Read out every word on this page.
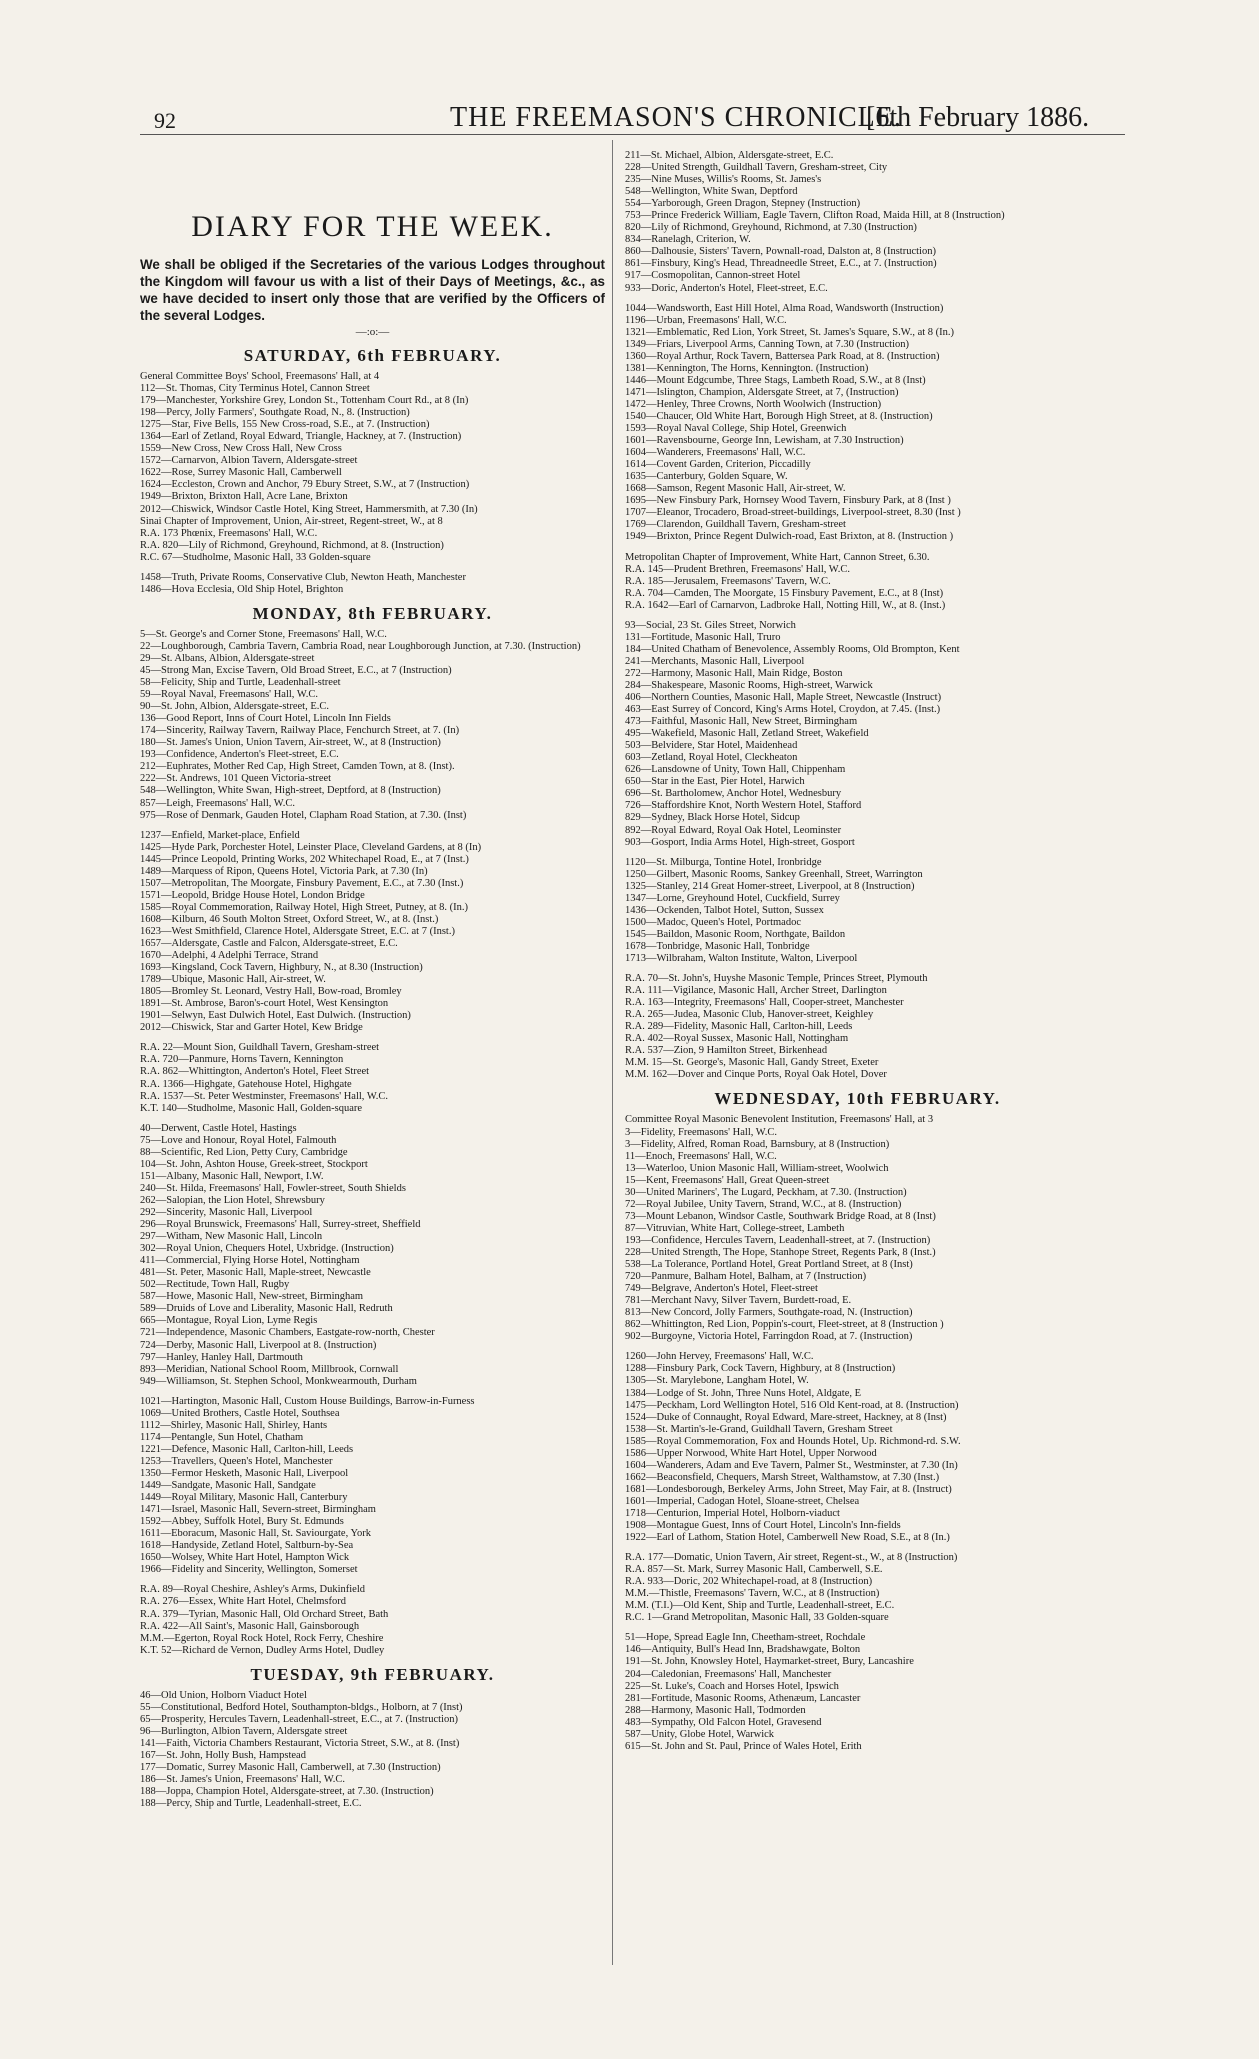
92	THE FREEMASON'S CHRONICLE.
[6th February 1886.
DIARY FOR THE WEEK.
We shall be obliged if the Secretaries of the various Lodges throughout the Kingdom will favour us with a list of their Days of Meetings, &c., as we have decided to insert only those that are verified by the Officers of the several Lodges.
—:o:—
SATURDAY, 6th FEBRUARY.
General Committee Boys' School, Freemasons' Hall, at 4
112—St. Thomas, City Terminus Hotel, Cannon Street
179—Manchester, Yorkshire Grey, London St., Tottenham Court Rd., at 8 (In)
198—Percy, Jolly Farmers', Southgate Road, N., 8. (Instruction)
1275—Star, Five Bells, 155 New Cross-road, S.E., at 7. (Instruction)
1364—Earl of Zetland, Royal Edward, Triangle, Hackney, at 7. (Instruction)
1559—New Cross, New Cross Hall, New Cross
1572—Carnarvon, Albion Tavern, Aldersgate-street
1622—Rose, Surrey Masonic Hall, Camberwell
1624—Eccleston, Crown and Anchor, 79 Ebury Street, S.W., at 7 (Instruction)
1949—Brixton, Brixton Hall, Acre Lane, Brixton
2012—Chiswick, Windsor Castle Hotel, King Street, Hammersmith, at 7.30 (In)
Sinai Chapter of Improvement, Union, Air-street, Regent-street, W., at 8
R.A. 173 Phœnix, Freemasons' Hall, W.C.
R.A. 820—Lily of Richmond, Greyhound, Richmond, at 8. (Instruction)
R.C. 67—Studholme, Masonic Hall, 33 Golden-square
1458—Truth, Private Rooms, Conservative Club, Newton Heath, Manchester
1486—Hova Ecclesia, Old Ship Hotel, Brighton
MONDAY, 8th FEBRUARY.
5—St. George's and Corner Stone, Freemasons' Hall, W.C.
22—Loughborough, Cambria Tavern, Cambria Road, near Loughborough Junction, at 7.30. (Instruction)
29—St. Albans, Albion, Aldersgate-street
45—Strong Man, Excise Tavern, Old Broad Street, E.C., at 7 (Instruction)
58—Felicity, Ship and Turtle, Leadenhall-street
59—Royal Naval, Freemasons' Hall, W.C.
90—St. John, Albion, Aldersgate-street, E.C.
136—Good Report, Inns of Court Hotel, Lincoln Inn Fields
174—Sincerity, Railway Tavern, Railway Place, Fenchurch Street, at 7. (In)
180—St. James's Union, Union Tavern, Air-street, W., at 8 (Instruction)
193—Confidence, Anderton's Fleet-street, E.C.
212—Euphrates, Mother Red Cap, High Street, Camden Town, at 8. (Inst).
222—St. Andrews, 101 Queen Victoria-street
548—Wellington, White Swan, High-street, Deptford, at 8 (Instruction)
857—Leigh, Freemasons' Hall, W.C.
975—Rose of Denmark, Gauden Hotel, Clapham Road Station, at 7.30. (Inst)
1237—Enfield, Market-place, Enfield
1425—Hyde Park, Porchester Hotel, Leinster Place, Cleveland Gardens, at 8 (In)
1445—Prince Leopold, Printing Works, 202 Whitechapel Road, E., at 7 (Inst.)
1489—Marquess of Ripon, Queens Hotel, Victoria Park, at 7.30 (In)
1507—Metropolitan, The Moorgate, Finsbury Pavement, E.C., at 7.30 (Inst.)
1571—Leopold, Bridge House Hotel, London Bridge
1585—Royal Commemoration, Railway Hotel, High Street, Putney, at 8. (In.)
1608—Kilburn, 46 South Molton Street, Oxford Street, W., at 8. (Inst.)
1623—West Smithfield, Clarence Hotel, Aldersgate Street, E.C. at 7 (Inst.)
1657—Aldersgate, Castle and Falcon, Aldersgate-street, E.C.
1670—Adelphi, 4 Adelphi Terrace, Strand
1693—Kingsland, Cock Tavern, Highbury, N., at 8.30 (Instruction)
1789—Ubique, Masonic Hall, Air-street, W.
1805—Bromley St. Leonard, Vestry Hall, Bow-road, Bromley
1891—St. Ambrose, Baron's-court Hotel, West Kensington
1901—Selwyn, East Dulwich Hotel, East Dulwich. (Instruction)
2012—Chiswick, Star and Garter Hotel, Kew Bridge
R.A. 22—Mount Sion, Guildhall Tavern, Gresham-street
R.A. 720—Panmure, Horns Tavern, Kennington
R.A. 862—Whittington, Anderton's Hotel, Fleet Street
R.A. 1366—Highgate, Gatehouse Hotel, Highgate
R.A. 1537—St. Peter Westminster, Freemasons' Hall, W.C.
K.T. 140—Studholme, Masonic Hall, Golden-square
40—Derwent, Castle Hotel, Hastings
75—Love and Honour, Royal Hotel, Falmouth
88—Scientific, Red Lion, Petty Cury, Cambridge
104—St. John, Ashton House, Greek-street, Stockport
151—Albany, Masonic Hall, Newport, I.W.
240—St. Hilda, Freemasons' Hall, Fowler-street, South Shields
262—Salopian, the Lion Hotel, Shrewsbury
292—Sincerity, Masonic Hall, Liverpool
296—Royal Brunswick, Freemasons' Hall, Surrey-street, Sheffield
297—Witham, New Masonic Hall, Lincoln
302—Royal Union, Chequers Hotel, Uxbridge. (Instruction)
411—Commercial, Flying Horse Hotel, Nottingham
481—St. Peter, Masonic Hall, Maple-street, Newcastle
502—Rectitude, Town Hall, Rugby
587—Howe, Masonic Hall, New-street, Birmingham
589—Druids of Love and Liberality, Masonic Hall, Redruth
665—Montague, Royal Lion, Lyme Regis
721—Independence, Masonic Chambers, Eastgate-row-north, Chester
724—Derby, Masonic Hall, Liverpool at 8. (Instruction)
797—Hanley, Hanley Hall, Dartmouth
893—Meridian, National School Room, Millbrook, Cornwall
949—Williamson, St. Stephen School, Monkwearmouth, Durham
1021—Hartington, Masonic Hall, Custom House Buildings, Barrow-in-Furness
1069—United Brothers, Castle Hotel, Southsea
1112—Shirley, Masonic Hall, Shirley, Hants
1174—Pentangle, Sun Hotel, Chatham
1221—Defence, Masonic Hall, Carlton-hill, Leeds
1253—Travellers, Queen's Hotel, Manchester
1350—Fermor Hesketh, Masonic Hall, Liverpool
1449—Sandgate, Masonic Hall, Sandgate
1449—Royal Military, Masonic Hall, Canterbury
1471—Israel, Masonic Hall, Severn-street, Birmingham
1592—Abbey, Suffolk Hotel, Bury St. Edmunds
1611—Eboracum, Masonic Hall, St. Saviourgate, York
1618—Handyside, Zetland Hotel, Saltburn-by-Sea
1650—Wolsey, White Hart Hotel, Hampton Wick
1966—Fidelity and Sincerity, Wellington, Somerset
R.A. 89—Royal Cheshire, Ashley's Arms, Dukinfield
R.A. 276—Essex, White Hart Hotel, Chelmsford
R.A. 379—Tyrian, Masonic Hall, Old Orchard Street, Bath
R.A. 422—All Saint's, Masonic Hall, Gainsborough
M.M.—Egerton, Royal Rock Hotel, Rock Ferry, Cheshire
K.T. 52—Richard de Vernon, Dudley Arms Hotel, Dudley
TUESDAY, 9th FEBRUARY.
46—Old Union, Holborn Viaduct Hotel
55—Constitutional, Bedford Hotel, Southampton-bldgs., Holborn, at 7 (Inst)
65—Prosperity, Hercules Tavern, Leadenhall-street, E.C., at 7. (Instruction)
96—Burlington, Albion Tavern, Aldersgate street
141—Faith, Victoria Chambers Restaurant, Victoria Street, S.W., at 8. (Inst)
167—St. John, Holly Bush, Hampstead
177—Domatic, Surrey Masonic Hall, Camberwell, at 7.30 (Instruction)
186—St. James's Union, Freemasons' Hall, W.C.
188—Joppa, Champion Hotel, Aldersgate-street, at 7.30. (Instruction)
188—Percy, Ship and Turtle, Leadenhall-street, E.C.
211—St. Michael, Albion, Aldersgate-street, E.C.
228—United Strength, Guildhall Tavern, Gresham-street, City
235—Nine Muses, Willis's Rooms, St. James's
548—Wellington, White Swan, Deptford
554—Yarborough, Green Dragon, Stepney (Instruction)
753—Prince Frederick William, Eagle Tavern, Clifton Road, Maida Hill, at 8 (Instruction)
820—Lily of Richmond, Greyhound, Richmond, at 7.30 (Instruction)
834—Ranelagh, Criterion, W.
860—Dalhousie, Sisters' Tavern, Pownall-road, Dalston at, 8 (Instruction)
861—Finsbury, King's Head, Threadneedle Street, E.C., at 7. (Instruction)
917—Cosmopolitan, Cannon-street Hotel
933—Doric, Anderton's Hotel, Fleet-street, E.C.
1044—Wandsworth, East Hill Hotel, Alma Road, Wandsworth (Instruction)
1196—Urban, Freemasons' Hall, W.C.
1321—Emblematic, Red Lion, York Street, St. James's Square, S.W., at 8 (In.)
1349—Friars, Liverpool Arms, Canning Town, at 7.30 (Instruction)
1360—Royal Arthur, Rock Tavern, Battersea Park Road, at 8. (Instruction)
1381—Kennington, The Horns, Kennington. (Instruction)
1446—Mount Edgcumbe, Three Stags, Lambeth Road, S.W., at 8 (Inst)
1471—Islington, Champion, Aldersgate Street, at 7, (Instruction)
1472—Henley, Three Crowns, North Woolwich (Instruction)
1540—Chaucer, Old White Hart, Borough High Street, at 8. (Instruction)
1593—Royal Naval College, Ship Hotel, Greenwich
1601—Ravensbourne, George Inn, Lewisham, at 7.30 Instruction)
1604—Wanderers, Freemasons' Hall, W.C.
1614—Covent Garden, Criterion, Piccadilly
1635—Canterbury, Golden Square, W.
1668—Samson, Regent Masonic Hall, Air-street, W.
1695—New Finsbury Park, Hornsey Wood Tavern, Finsbury Park, at 8 (Inst )
1707—Eleanor, Trocadero, Broad-street-buildings, Liverpool-street, 8.30 (Inst )
1769—Clarendon, Guildhall Tavern, Gresham-street
1949—Brixton, Prince Regent Dulwich-road, East Brixton, at 8. (Instruction )
Metropolitan Chapter of Improvement, White Hart, Cannon Street, 6.30.
R.A. 145—Prudent Brethren, Freemasons' Hall, W.C.
R.A. 185—Jerusalem, Freemasons' Tavern, W.C.
R.A. 704—Camden, The Moorgate, 15 Finsbury Pavement, E.C., at 8 (Inst)
R.A. 1642—Earl of Carnarvon, Ladbroke Hall, Notting Hill, W., at 8. (Inst.)
93—Social, 23 St. Giles Street, Norwich
131—Fortitude, Masonic Hall, Truro
184—United Chatham of Benevolence, Assembly Rooms, Old Brompton, Kent
241—Merchants, Masonic Hall, Liverpool
272—Harmony, Masonic Hall, Main Ridge, Boston
284—Shakespeare, Masonic Rooms, High-street, Warwick
406—Northern Counties, Masonic Hall, Maple Street, Newcastle (Instruct)
463—East Surrey of Concord, King's Arms Hotel, Croydon, at 7.45. (Inst.)
473—Faithful, Masonic Hall, New Street, Birmingham
495—Wakefield, Masonic Hall, Zetland Street, Wakefield
503—Belvidere, Star Hotel, Maidenhead
603—Zetland, Royal Hotel, Cleckheaton
626—Lansdowne of Unity, Town Hall, Chippenham
650—Star in the East, Pier Hotel, Harwich
696—St. Bartholomew, Anchor Hotel, Wednesbury
726—Staffordshire Knot, North Western Hotel, Stafford
829—Sydney, Black Horse Hotel, Sidcup
892—Royal Edward, Royal Oak Hotel, Leominster
903—Gosport, India Arms Hotel, High-street, Gosport
1120—St. Milburga, Tontine Hotel, Ironbridge
1250—Gilbert, Masonic Rooms, Sankey Greenhall, Street, Warrington
1325—Stanley, 214 Great Homer-street, Liverpool, at 8 (Instruction)
1347—Lorne, Greyhound Hotel, Cuckfield, Surrey
1436—Ockenden, Talbot Hotel, Sutton, Sussex
1500—Madoc, Queen's Hotel, Portmadoc
1545—Baildon, Masonic Room, Northgate, Baildon
1678—Tonbridge, Masonic Hall, Tonbridge
1713—Wilbraham, Walton Institute, Walton, Liverpool
R.A. 70—St. John's, Huyshe Masonic Temple, Princes Street, Plymouth
R.A. 111—Vigilance, Masonic Hall, Archer Street, Darlington
R.A. 163—Integrity, Freemasons' Hall, Cooper-street, Manchester
R.A. 265—Judea, Masonic Club, Hanover-street, Keighley
R.A. 289—Fidelity, Masonic Hall, Carlton-hill, Leeds
R.A. 402—Royal Sussex, Masonic Hall, Nottingham
R.A. 537—Zion, 9 Hamilton Street, Birkenhead
M.M. 15—St. George's, Masonic Hall, Gandy Street, Exeter
M.M. 162—Dover and Cinque Ports, Royal Oak Hotel, Dover
WEDNESDAY, 10th FEBRUARY.
Committee Royal Masonic Benevolent Institution, Freemasons' Hall, at 3
3—Fidelity, Freemasons' Hall, W.C.
3—Fidelity, Alfred, Roman Road, Barnsbury, at 8 (Instruction)
11—Enoch, Freemasons' Hall, W.C.
13—Waterloo, Union Masonic Hall, William-street, Woolwich
15—Kent, Freemasons' Hall, Great Queen-street
30—United Mariners', The Lugard, Peckham, at 7.30. (Instruction)
72—Royal Jubilee, Unity Tavern, Strand, W.C., at 8. (Instruction)
73—Mount Lebanon, Windsor Castle, Southwark Bridge Road, at 8 (Inst)
87—Vitruvian, White Hart, College-street, Lambeth
193—Confidence, Hercules Tavern, Leadenhall-street, at 7. (Instruction)
228—United Strength, The Hope, Stanhope Street, Regents Park, 8 (Inst.)
538—La Tolerance, Portland Hotel, Great Portland Street, at 8 (Inst)
720—Panmure, Balham Hotel, Balham, at 7 (Instruction)
749—Belgrave, Anderton's Hotel, Fleet-street
781—Merchant Navy, Silver Tavern, Burdett-road, E.
813—New Concord, Jolly Farmers, Southgate-road, N. (Instruction)
862—Whittington, Red Lion, Poppin's-court, Fleet-street, at 8 (Instruction )
902—Burgoyne, Victoria Hotel, Farringdon Road, at 7. (Instruction)
1260—John Hervey, Freemasons' Hall, W.C.
1288—Finsbury Park, Cock Tavern, Highbury, at 8 (Instruction)
1305—St. Marylebone, Langham Hotel, W.
1384—Lodge of St. John, Three Nuns Hotel, Aldgate, E
1475—Peckham, Lord Wellington Hotel, 516 Old Kent-road, at 8. (Instruction)
1524—Duke of Connaught, Royal Edward, Mare-street, Hackney, at 8 (Inst)
1538—St. Martin's-le-Grand, Guildhall Tavern, Gresham Street
1585—Royal Commemoration, Fox and Hounds Hotel, Up. Richmond-rd. S.W.
1586—Upper Norwood, White Hart Hotel, Upper Norwood
1604—Wanderers, Adam and Eve Tavern, Palmer St., Westminster, at 7.30 (In)
1662—Beaconsfield, Chequers, Marsh Street, Walthamstow, at 7.30 (Inst.)
1681—Londesborough, Berkeley Arms, John Street, May Fair, at 8. (Instruct)
1601—Imperial, Cadogan Hotel, Sloane-street, Chelsea
1718—Centurion, Imperial Hotel, Holborn-viaduct
1908—Montague Guest, Inns of Court Hotel, Lincoln's Inn-fields
1922—Earl of Lathom, Station Hotel, Camberwell New Road, S.E., at 8 (In.)
R.A. 177—Domatic, Union Tavern, Air street, Regent-st., W., at 8 (Instruction)
R.A. 857—St. Mark, Surrey Masonic Hall, Camberwell, S.E.
R.A. 933—Doric, 202 Whitechapel-road, at 8 (Instruction)
M.M.—Thistle, Freemasons' Tavern, W.C., at 8 (Instruction)
M.M. (T.I.)—Old Kent, Ship and Turtle, Leadenhall-street, E.C.
R.C. 1—Grand Metropolitan, Masonic Hall, 33 Golden-square
51—Hope, Spread Eagle Inn, Cheetham-street, Rochdale
146—Antiquity, Bull's Head Inn, Bradshawgate, Bolton
191—St. John, Knowsley Hotel, Haymarket-street, Bury, Lancashire
204—Caledonian, Freemasons' Hall, Manchester
225—St. Luke's, Coach and Horses Hotel, Ipswich
281—Fortitude, Masonic Rooms, Athenæum, Lancaster
288—Harmony, Masonic Hall, Todmorden
483—Sympathy, Old Falcon Hotel, Gravesend
587—Unity, Globe Hotel, Warwick
615—St. John and St. Paul, Prince of Wales Hotel, Erith
